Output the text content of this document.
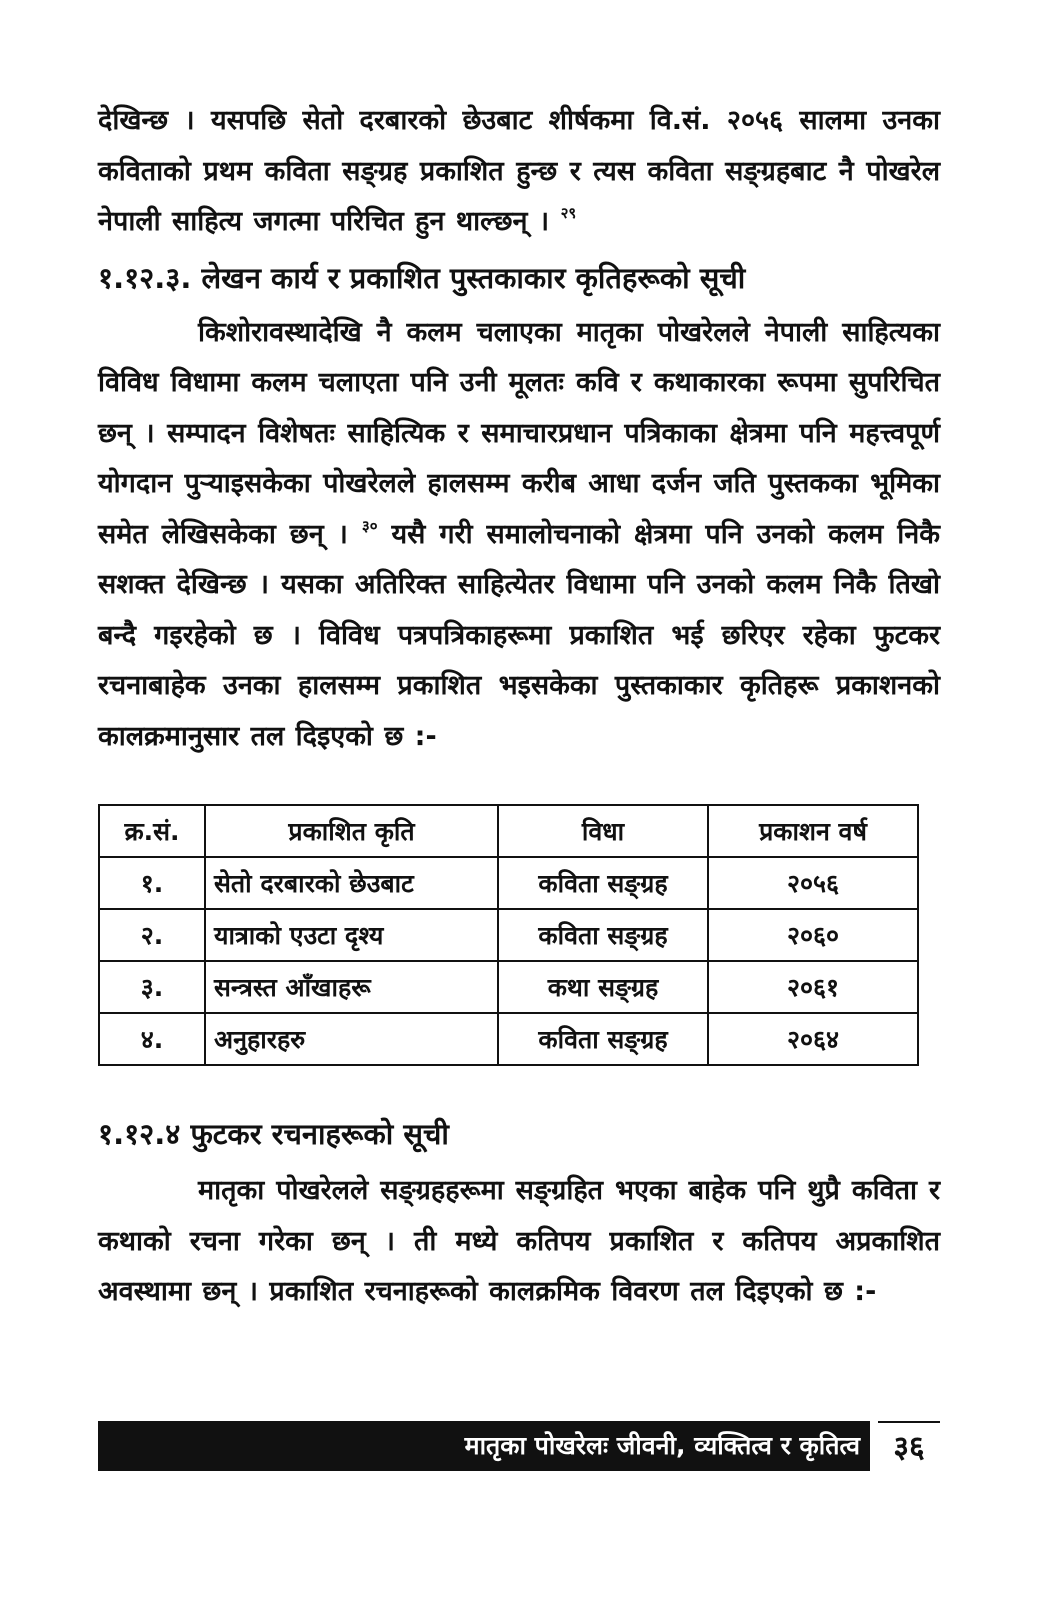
देखिन्छ । यसपछि सेतो दरबारको छेउबाट शीर्षकमा वि.सं. २०५६ सालमा उनका कविताको प्रथम कविता सङ्ग्रह प्रकाशित हुन्छ र त्यस कविता सङ्ग्रहबाट नै पोखरेल नेपाली साहित्य जगत्मा परिचित हुन थाल्छन् । $^{२९}$

१.१२.३. लेखन कार्य र प्रकाशित पुस्तकाकार कृतिहरूको सूची

किशोरावस्थादेखि नै कलम चलाएका मातृका पोखरेलले नेपाली साहित्यका विविध विधामा कलम चलाएता पनि उनी मूलतः कवि र कथाकारका रूपमा सुपरिचित छन् । सम्पादन विशेषतः साहित्यिक र समाचारप्रधान पत्रिकाका क्षेत्रमा पनि महत्त्वपूर्ण योगदान पुऱ्याइसकेका पोखरेलले हालसम्म करीब आधा दर्जन जति पुस्तकका भूमिका समेत लेखिसकेका छन् । $^{३०}$ यसै गरी समालोचनाको क्षेत्रमा पनि उनको कलम निकै सशक्त देखिन्छ । यसका अतिरिक्त साहित्येतर विधामा पनि उनको कलम निकै तिखो बन्दै गइरहेको छ । विविध पत्रपत्रिकाहरूमा प्रकाशित भई छरिएर रहेका फुटकर रचनाबाहेक उनका हालसम्म प्रकाशित भइसकेका पुस्तकाकार कृतिहरू प्रकाशनको कालक्रमानुसार तल दिइएको छ :-

क्र.सं.	प्रकाशित कृति	विधा	प्रकाशन वर्ष
१.	सेतो दरबारको छेउबाट	कविता सङ्ग्रह	२०५६
२.	यात्राको एउटा दृश्य	कविता सङ्ग्रह	२०६०
३.	सन्त्रस्त आँखाहरू	कथा सङ्ग्रह	२०६१
४.	अनुहारहरु	कविता सङ्ग्रह	२०६४
१.१२.४ फुटकर रचनाहरूको सूची

मातृका पोखरेलले सङ्ग्रहहरूमा सङ्ग्रहित भएका बाहेक पनि थुप्रै कविता र कथाको रचना गरेका छन् । ती मध्ये कतिपय प्रकाशित र कतिपय अप्रकाशित अवस्थामा छन् । प्रकाशित रचनाहरूको कालक्रमिक विवरण तल दिइएको छ :-

मातृका पोखरेलः जीवनी, व्यक्तित्व र कृतित्व	३६
